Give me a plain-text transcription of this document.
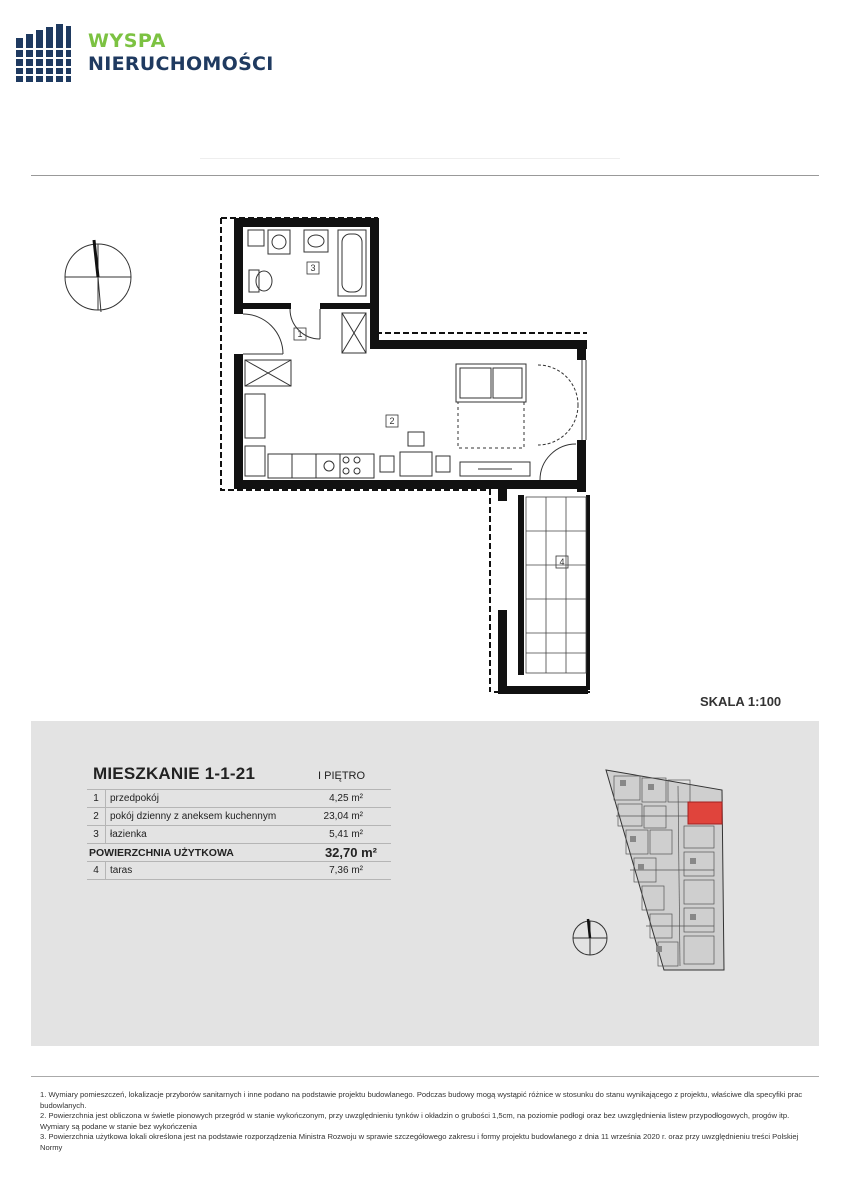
WYSPA
NIERUCHOMOŚCI
3
1
2
4
SKALA 1:100
MIESZKANIE 1-1-21	I PIĘTRO
1	przedpokój	4,25 m²
2	pokój dzienny z aneksem kuchennym	23,04 m²
3	łazienka	5,41 m²
POWIERZCHNIA UŻYTKOWA		32,70 m²
4	taras	7,36 m²

1. Wymiary pomieszczeń, lokalizacje przyborów sanitarnych i inne podano na podstawie projektu budowlanego. Podczas budowy mogą wystąpić różnice w stosunku do stanu wynikającego z projektu, właściwe dla specyfiki prac budowlanych.

2. Powierzchnia jest obliczona w świetle pionowych przegród w stanie wykończonym, przy uwzględnieniu tynków i okładzin o grubości 1,5cm, na poziomie podłogi oraz bez uwzględnienia listew przypodłogowych, progów itp. Wymiary są podane w stanie bez wykończenia

3. Powierzchnia użytkowa lokali określona jest na podstawie rozporządzenia Ministra Rozwoju w sprawie szczegółowego zakresu i formy projektu budowlanego z dnia 11 września 2020 r. oraz przy uwzględnieniu treści Polskiej Normy
